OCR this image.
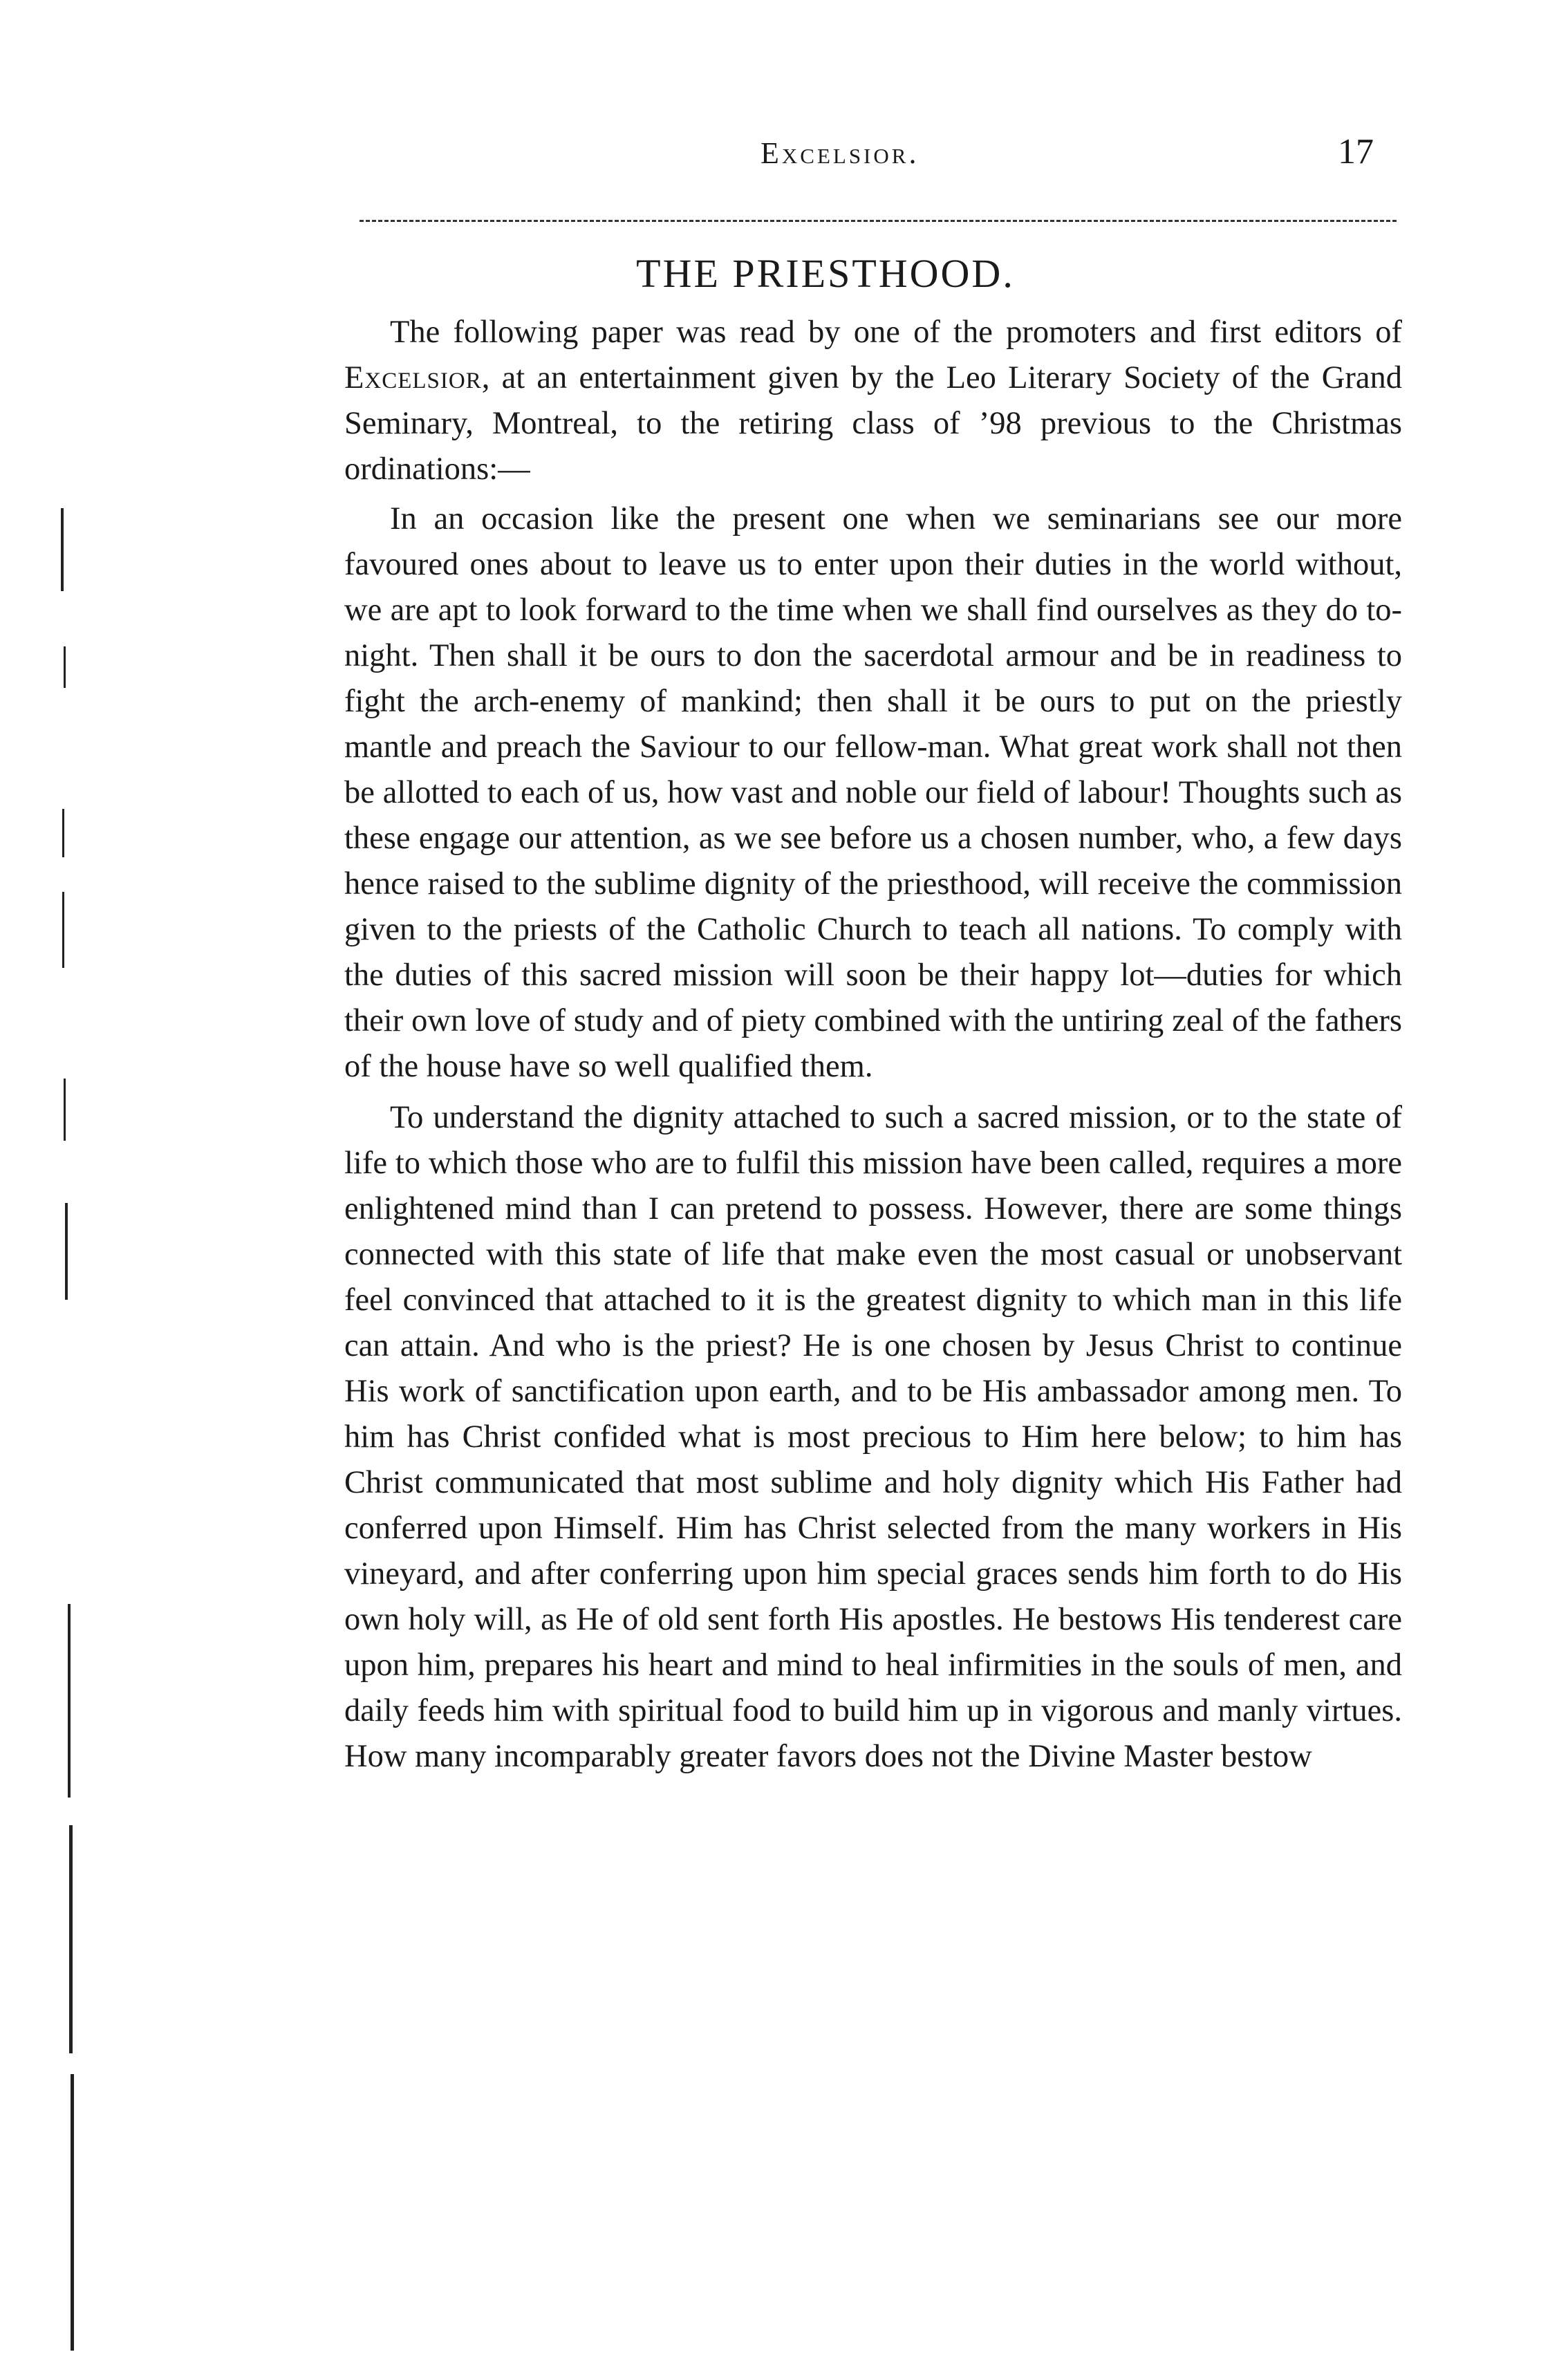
Excelsior.	17
THE PRIESTHOOD.

The following paper was read by one of the promoters and first editors of Excelsior, at an entertainment given by the Leo Literary Society of the Grand Seminary, Montreal, to the retiring class of ’98 previous to the Christmas ordinations:—

In an occasion like the present one when we seminarians see our more favoured ones about to leave us to enter upon their duties in the world without, we are apt to look forward to the time when we shall find ourselves as they do to-night. Then shall it be ours to don the sacerdotal armour and be in readiness to fight the arch-enemy of mankind; then shall it be ours to put on the priestly mantle and preach the Saviour to our fellow-man. What great work shall not then be allotted to each of us, how vast and noble our field of labour! Thoughts such as these engage our attention, as we see before us a chosen number, who, a few days hence raised to the sublime dignity of the priesthood, will receive the commission given to the priests of the Catholic Church to teach all nations. To comply with the duties of this sacred mission will soon be their happy lot—duties for which their own love of study and of piety combined with the untiring zeal of the fathers of the house have so well qualified them.

To understand the dignity attached to such a sacred mission, or to the state of life to which those who are to fulfil this mission have been called, requires a more enlightened mind than I can pretend to possess. However, there are some things connected with this state of life that make even the most casual or unobservant feel convinced that attached to it is the greatest dignity to which man in this life can attain. And who is the priest? He is one chosen by Jesus Christ to continue His work of sanctification upon earth, and to be His ambassador among men. To him has Christ confided what is most precious to Him here below; to him has Christ communicated that most sublime and holy dignity which His Father had conferred upon Himself. Him has Christ selected from the many workers in His vineyard, and after conferring upon him special graces sends him forth to do His own holy will, as He of old sent forth His apostles. He bestows His tenderest care upon him, prepares his heart and mind to heal infirmities in the souls of men, and daily feeds him with spiritual food to build him up in vigorous and manly virtues. How many incomparably greater favors does not the Divine Master bestow
